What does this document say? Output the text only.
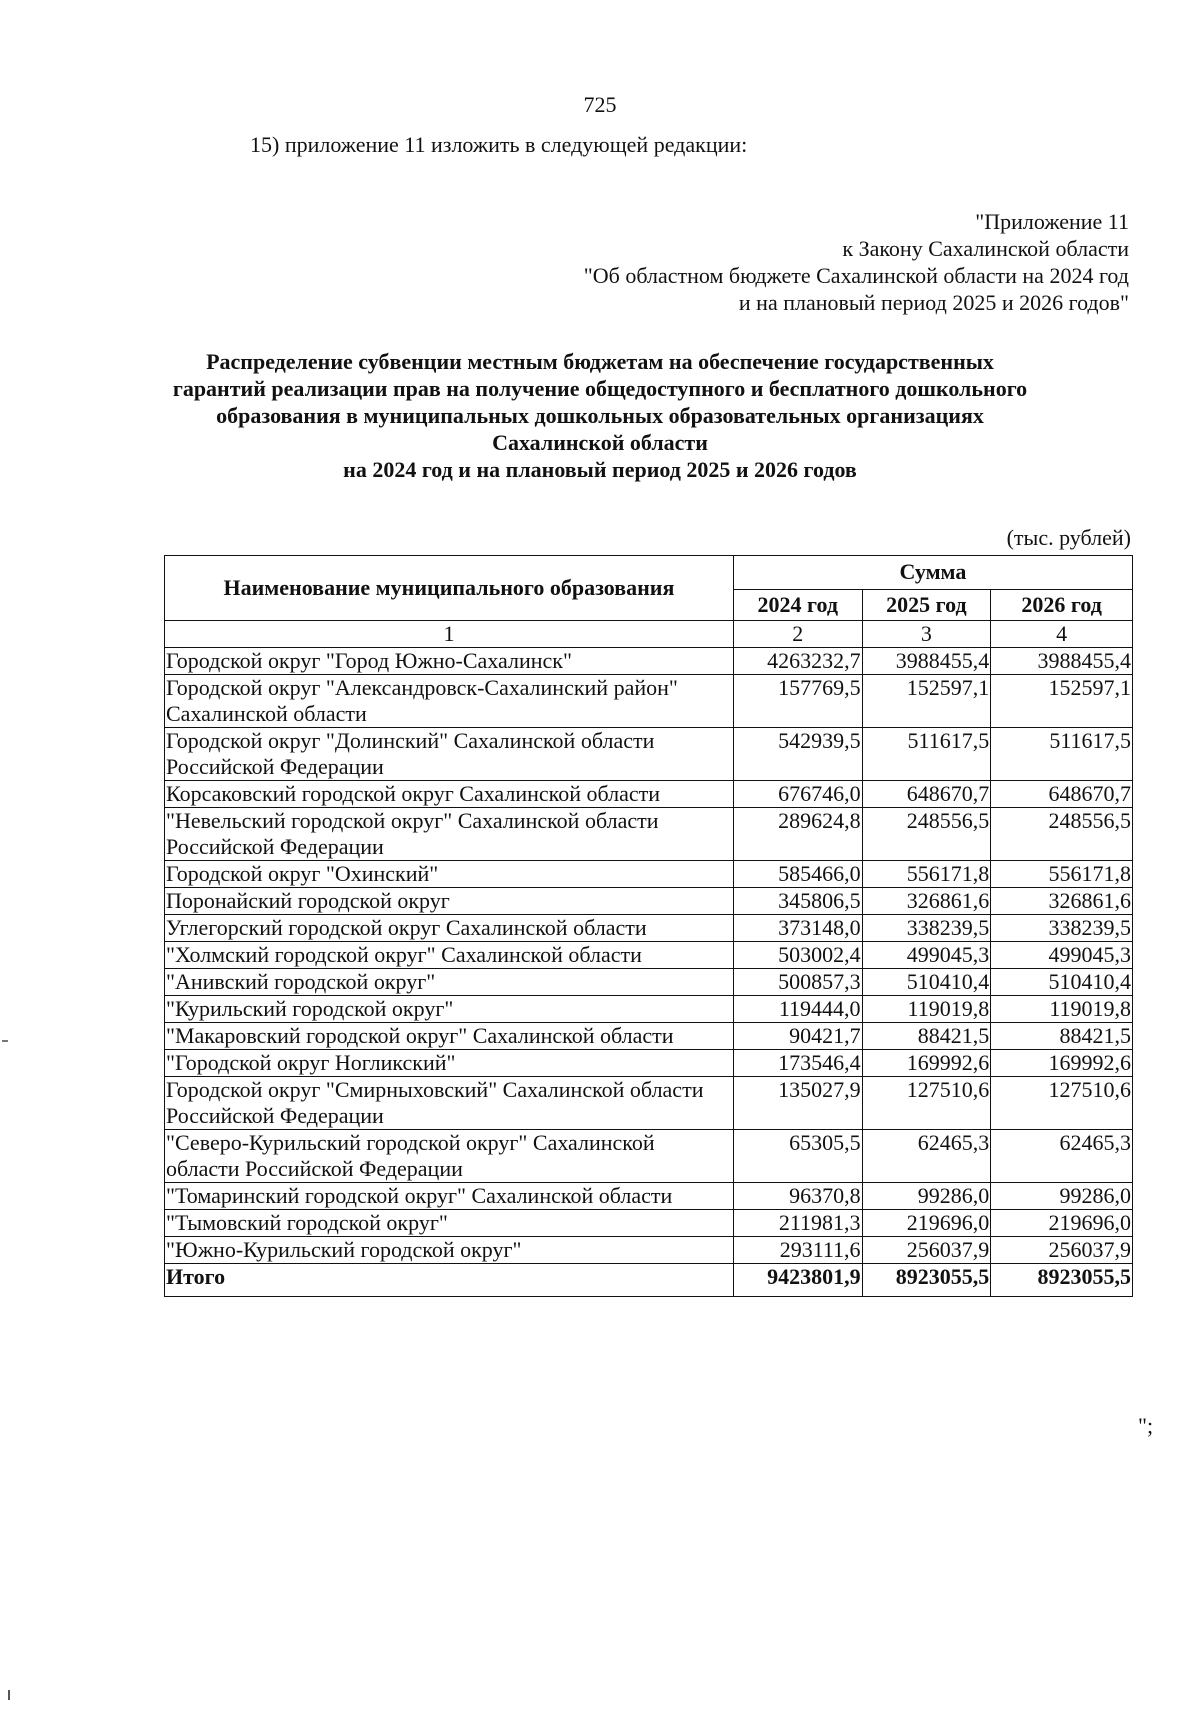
725
15) приложение 11 изложить в следующей редакции:
"Приложение 11
к Закону Сахалинской области
"Об областном бюджете Сахалинской области на 2024 год
и на плановый период 2025 и 2026 годов"
Распределение субвенции местным бюджетам на обеспечение государственных
гарантий реализации прав на получение общедоступного и бесплатного дошкольного
образования в муниципальных дошкольных образовательных организациях
Сахалинской области
на 2024 год и на плановый период 2025 и 2026 годов
(тыс. рублей)
Наименование муниципального образования	Сумма		
	2024 год	2025 год	2026 год
1	2	3	4
Городской округ "Город Южно-Сахалинск"	4263232,7	3988455,4	3988455,4
Городской округ "Александровск-Сахалинский район" Сахалинской области	157769,5	152597,1	152597,1
Городской округ "Долинский" Сахалинской области Российской Федерации	542939,5	511617,5	511617,5
Корсаковский городской округ Сахалинской области	676746,0	648670,7	648670,7
"Невельский городской округ" Сахалинской области Российской Федерации	289624,8	248556,5	248556,5
Городской округ "Охинский"	585466,0	556171,8	556171,8
Поронайский городской округ	345806,5	326861,6	326861,6
Углегорский городской округ Сахалинской области	373148,0	338239,5	338239,5
"Холмский городской округ" Сахалинской области	503002,4	499045,3	499045,3
"Анивский городской округ"	500857,3	510410,4	510410,4
"Курильский городской округ"	119444,0	119019,8	119019,8
"Макаровский городской округ" Сахалинской области	90421,7	88421,5	88421,5
"Городской округ Ногликский"	173546,4	169992,6	169992,6
Городской округ "Смирныховский" Сахалинской области Российской Федерации	135027,9	127510,6	127510,6
"Северо-Курильский городской округ" Сахалинской области Российской Федерации	65305,5	62465,3	62465,3
"Томаринский городской округ" Сахалинской области	96370,8	99286,0	99286,0
"Тымовский городской округ"	211981,3	219696,0	219696,0
"Южно-Курильский городской округ"	293111,6	256037,9	256037,9
Итого	9423801,9	8923055,5	8923055,5
";
